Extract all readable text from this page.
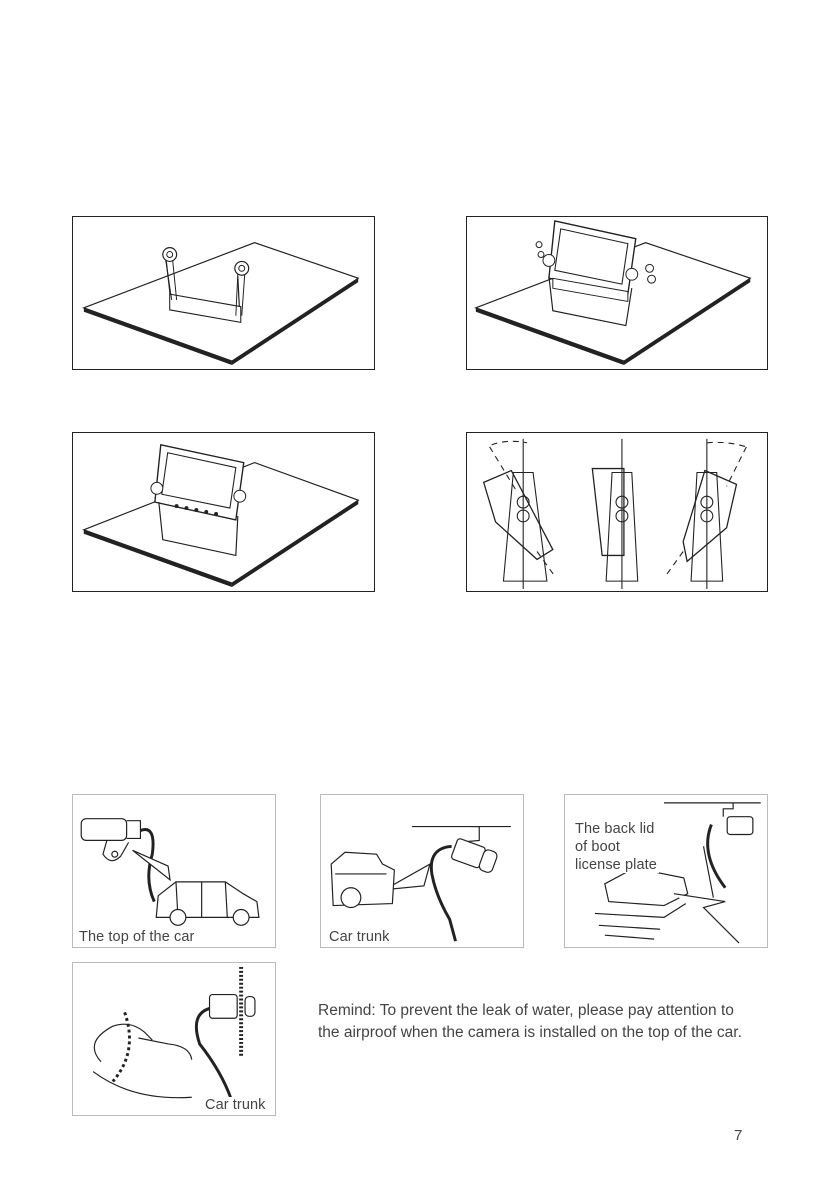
The top of the car	Car trunk
The back lid
of boot
license plate
Car trunk
Remind: To prevent the leak of water, please pay attention to the airproof when the camera is installed on the top of the car.
7
